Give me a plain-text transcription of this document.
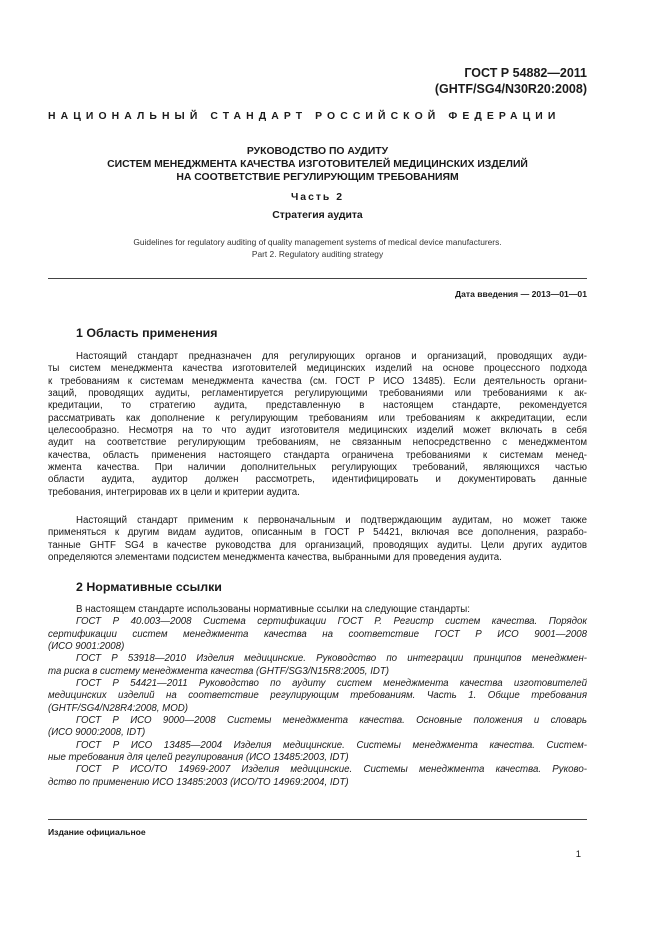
ГОСТ Р 54882—2011
(GHTF/SG4/N30R20:2008)
НАЦИОНАЛЬНЫЙ СТАНДАРТ РОССИЙСКОЙ ФЕДЕРАЦИИ
РУКОВОДСТВО ПО АУДИТУ
СИСТЕМ МЕНЕДЖМЕНТА КАЧЕСТВА ИЗГОТОВИТЕЛЕЙ МЕДИЦИНСКИХ ИЗДЕЛИЙ
НА СООТВЕТСТВИЕ РЕГУЛИРУЮЩИМ ТРЕБОВАНИЯМ
Часть 2
Стратегия аудита
Guidelines for regulatory auditing of quality management systems of medical device manufacturers.
Part 2. Regulatory auditing strategy
Дата введения — 2013—01—01
1 Область применения
Настоящий стандарт предназначен для регулирующих органов и организаций, проводящих ауди-
ты систем менеджмента качества изготовителей медицинских изделий на основе процессного подхода
к требованиям к системам менеджмента качества (см. ГОСТ Р ИСО 13485). Если деятельность органи-
заций, проводящих аудиты, регламентируется регулирующими требованиями или требованиями к ак-
кредитации, то стратегию аудита, представленную в настоящем стандарте, рекомендуется
рассматривать как дополнение к регулирующим требованиям или требованиям к аккредитации, если
целесообразно. Несмотря на то что аудит изготовителя медицинских изделий может включать в себя
аудит на соответствие регулирующим требованиям, не связанным непосредственно с менеджментом
качества, область применения настоящего стандарта ограничена требованиями к системам менед-
жмента качества. При наличии дополнительных регулирующих требований, являющихся частью
области аудита, аудитор должен рассмотреть, идентифицировать и документировать данные
требования, интегрировав их в цели и критерии аудита.
Настоящий стандарт применим к первоначальным и подтверждающим аудитам, но может также
применяться к другим видам аудитов, описанным в ГОСТ Р 54421, включая все дополнения, разрабо-
танные GHTF SG4 в качестве руководства для организаций, проводящих аудиты. Цели других аудитов
определяются элементами подсистем менеджмента качества, выбранными для проведения аудита.
2 Нормативные ссылки
В настоящем стандарте использованы нормативные ссылки на следующие стандарты:
ГОСТ Р 40.003—2008 Система сертификации ГОСТ Р. Регистр систем качества. Порядок
сертификации систем менеджмента качества на соответствие ГОСТ Р ИСО 9001—2008
(ИСО 9001:2008)
ГОСТ Р 53918—2010 Изделия медицинские. Руководство по интеграции принципов менеджмен-
та риска в систему менеджмента качества (GHTF/SG3/N15R8:2005, IDT)
ГОСТ Р 54421—2011 Руководство по аудиту систем менеджмента качества изготовителей
медицинских изделий на соответствие регулирующим требованиям. Часть 1. Общие требования
(GHTF/SG4/N28R4:2008, MOD)
ГОСТ Р ИСО 9000—2008 Системы менеджмента качества. Основные положения и словарь
(ИСО 9000:2008, IDT)
ГОСТ Р ИСО 13485—2004 Изделия медицинские. Системы менеджмента качества. Систем-
ные требования для целей регулирования (ИСО 13485:2003, IDT)
ГОСТ Р ИСО/ТО 14969-2007 Изделия медицинские. Системы менеджмента качества. Руково-
дство по применению ИСО 13485:2003 (ИСО/ТО 14969:2004, IDT)
Издание официальное
1
